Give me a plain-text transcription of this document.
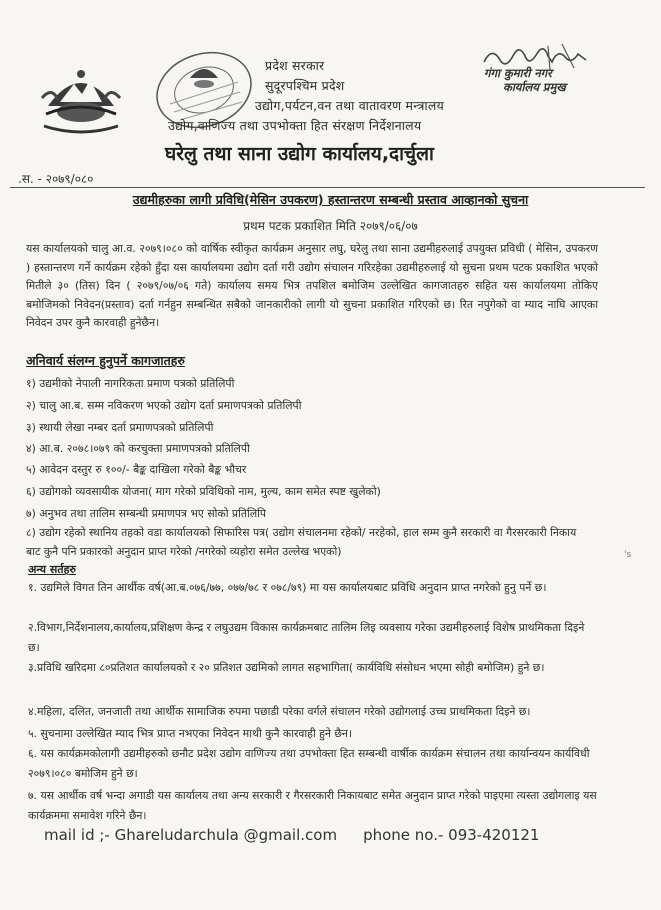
प्रदेश सरकार
सुदूरपश्चिम प्रदेश
उद्योग,पर्यटन,वन तथा वातावरण मन्त्रालय
उद्योग,वाणिज्य तथा उपभोक्ता हित संरक्षण निर्देशनालय
घरेलु तथा साना उद्योग कार्यालय,दार्चुला
गंगा कुमारी नगर
कार्यालय प्रमुख
.स. - २०७९/०८०
उद्यमीहरुका लागी प्रविधि(मेसिन उपकरण) हस्तान्तरण सम्बन्धी प्रस्ताव आव्हानको सुचना
प्रथम पटक प्रकाशित मिति २०७९/०६/०७
यस कार्यालयको चालु आ.व. २०७९।०८० को वार्षिक स्वीकृत कार्यक्रम अनुसार लघु, घरेलु तथा साना उद्यमीहरुलाई उपयुक्त प्रविधी ( मेसिन, उपकरण ) हस्तान्तरण गर्ने कार्यक्रम रहेको हुँदा यस कार्यालयमा उद्योग दर्ता गरी उद्योग संचालन गरिरहेका उद्यमीहरुलाई यो सुचना प्रथम पटक प्रकाशित भएको मितीले ३० (तिस) दिन ( २०७९/०७/०६ गते) कार्यालय समय भित्र तपशिल बमोजिम उल्लेखित कागजातहरु सहित यस कार्यालयमा तोकिए बमोजिमको निवेदन(प्रस्ताव) दर्ता गर्नहुन सम्बन्धित सबैको जानकारीको लागी यो सुचना प्रकाशित गरिएको छ। रित नपुगेको वा म्याद नाघि आएका निवेदन उपर कुनै कारवाही हुनेछैन।
अनिवार्य संलग्न हुनुपर्ने कागजातहरु
१) उद्यमीको नेपाली नागरिकता प्रमाण पत्रको प्रतिलिपी
२) चालु आ.ब. सम्म नविकरण भएको उद्योग दर्ता प्रमाणपत्रको प्रतिलिपी
३) स्थायी लेखा नम्बर दर्ता प्रमाणपत्रको प्रतिलिपी
४) आ.ब. २०७८।०७९ को करचुक्ता प्रमाणपत्रको प्रतिलिपी
५) आवेदन दस्तुर रु १००/- बैङ्क दाखिला गरेको बैङ्क भौचर
६) उद्योगको व्यवसायीक योजना( माग गरेको प्रविधिको नाम, मुल्य, काम समेत स्पष्ट खुलेको)
७) अनुभव तथा तालिम सम्बन्धी प्रमाणपत्र भए सोको प्रतिलिपि
८) उद्योग रहेको स्थानिय तहको वडा कार्यालयको सिफारिस पत्र( उद्योग संचालनमा रहेको/ नरहेको, हाल सम्म कुनै सरकारी वा गैरसरकारी निकाय बाट कुनै पनि प्रकारको अनुदान प्राप्त गरेको /नगरेको व्यहोरा समेत उल्लेख भएको)
अन्य सर्तहरु
१. उद्यमिले विगत तिन आर्थीक वर्ष(आ.ब.०७६/७७, ०७७/७८ र ०७८/७९) मा यस कार्यालयबाट प्रविधि अनुदान प्राप्त नगरेको हुनु पर्ने छ।
२.विभाग,निर्देशनालय,कार्यालय,प्रशिक्षण केन्द्र र लघुउद्यम विकास कार्यक्रमबाट तालिम लिइ व्यवसाय गरेका उद्यमीहरुलाई विशेष प्राथमिकता दिइने छ।
३.प्रविधि खरिदमा ८०प्रतिशत कार्यालयको र २० प्रतिशत उद्यमिको लागत सहभागिता( कार्यविधि संसोधन भएमा सोही बमोजिम) हुने छ।
४.महिला, दलित, जनजाती तथा आर्थीक सामाजिक रुपमा पछाडी परेका वर्गले संचालन गरेको उद्योगलाई उच्च प्राथमिकता दिइने छ।
५. सुचनामा उल्लेखित म्याद भित्र प्राप्त नभएका निवेदन माथी कुनै कारवाही हुने छैन।
६. यस कार्यक्रमकोलागी उद्यमीहरुको छनौट प्रदेश उद्योग वाणिज्य तथा उपभोक्ता हित सम्बन्धी वार्षीक कार्यक्रम संचालन तथा कार्यान्वयन कार्यविधी २०७९।०८० बमोजिम हुने छ।
७. यस आर्थीक वर्ष भन्दा अगाडी यस कार्यालय तथा अन्य सरकारी र गैरसरकारी निकायबाट समेत अनुदान प्राप्त गरेको पाइएमा त्यस्ता उद्योगलाइ यस कार्यक्रममा समावेश गरिने छैन।
mail id ;- Ghareludarchula @gmail.com phone no.- 093-420121
's
